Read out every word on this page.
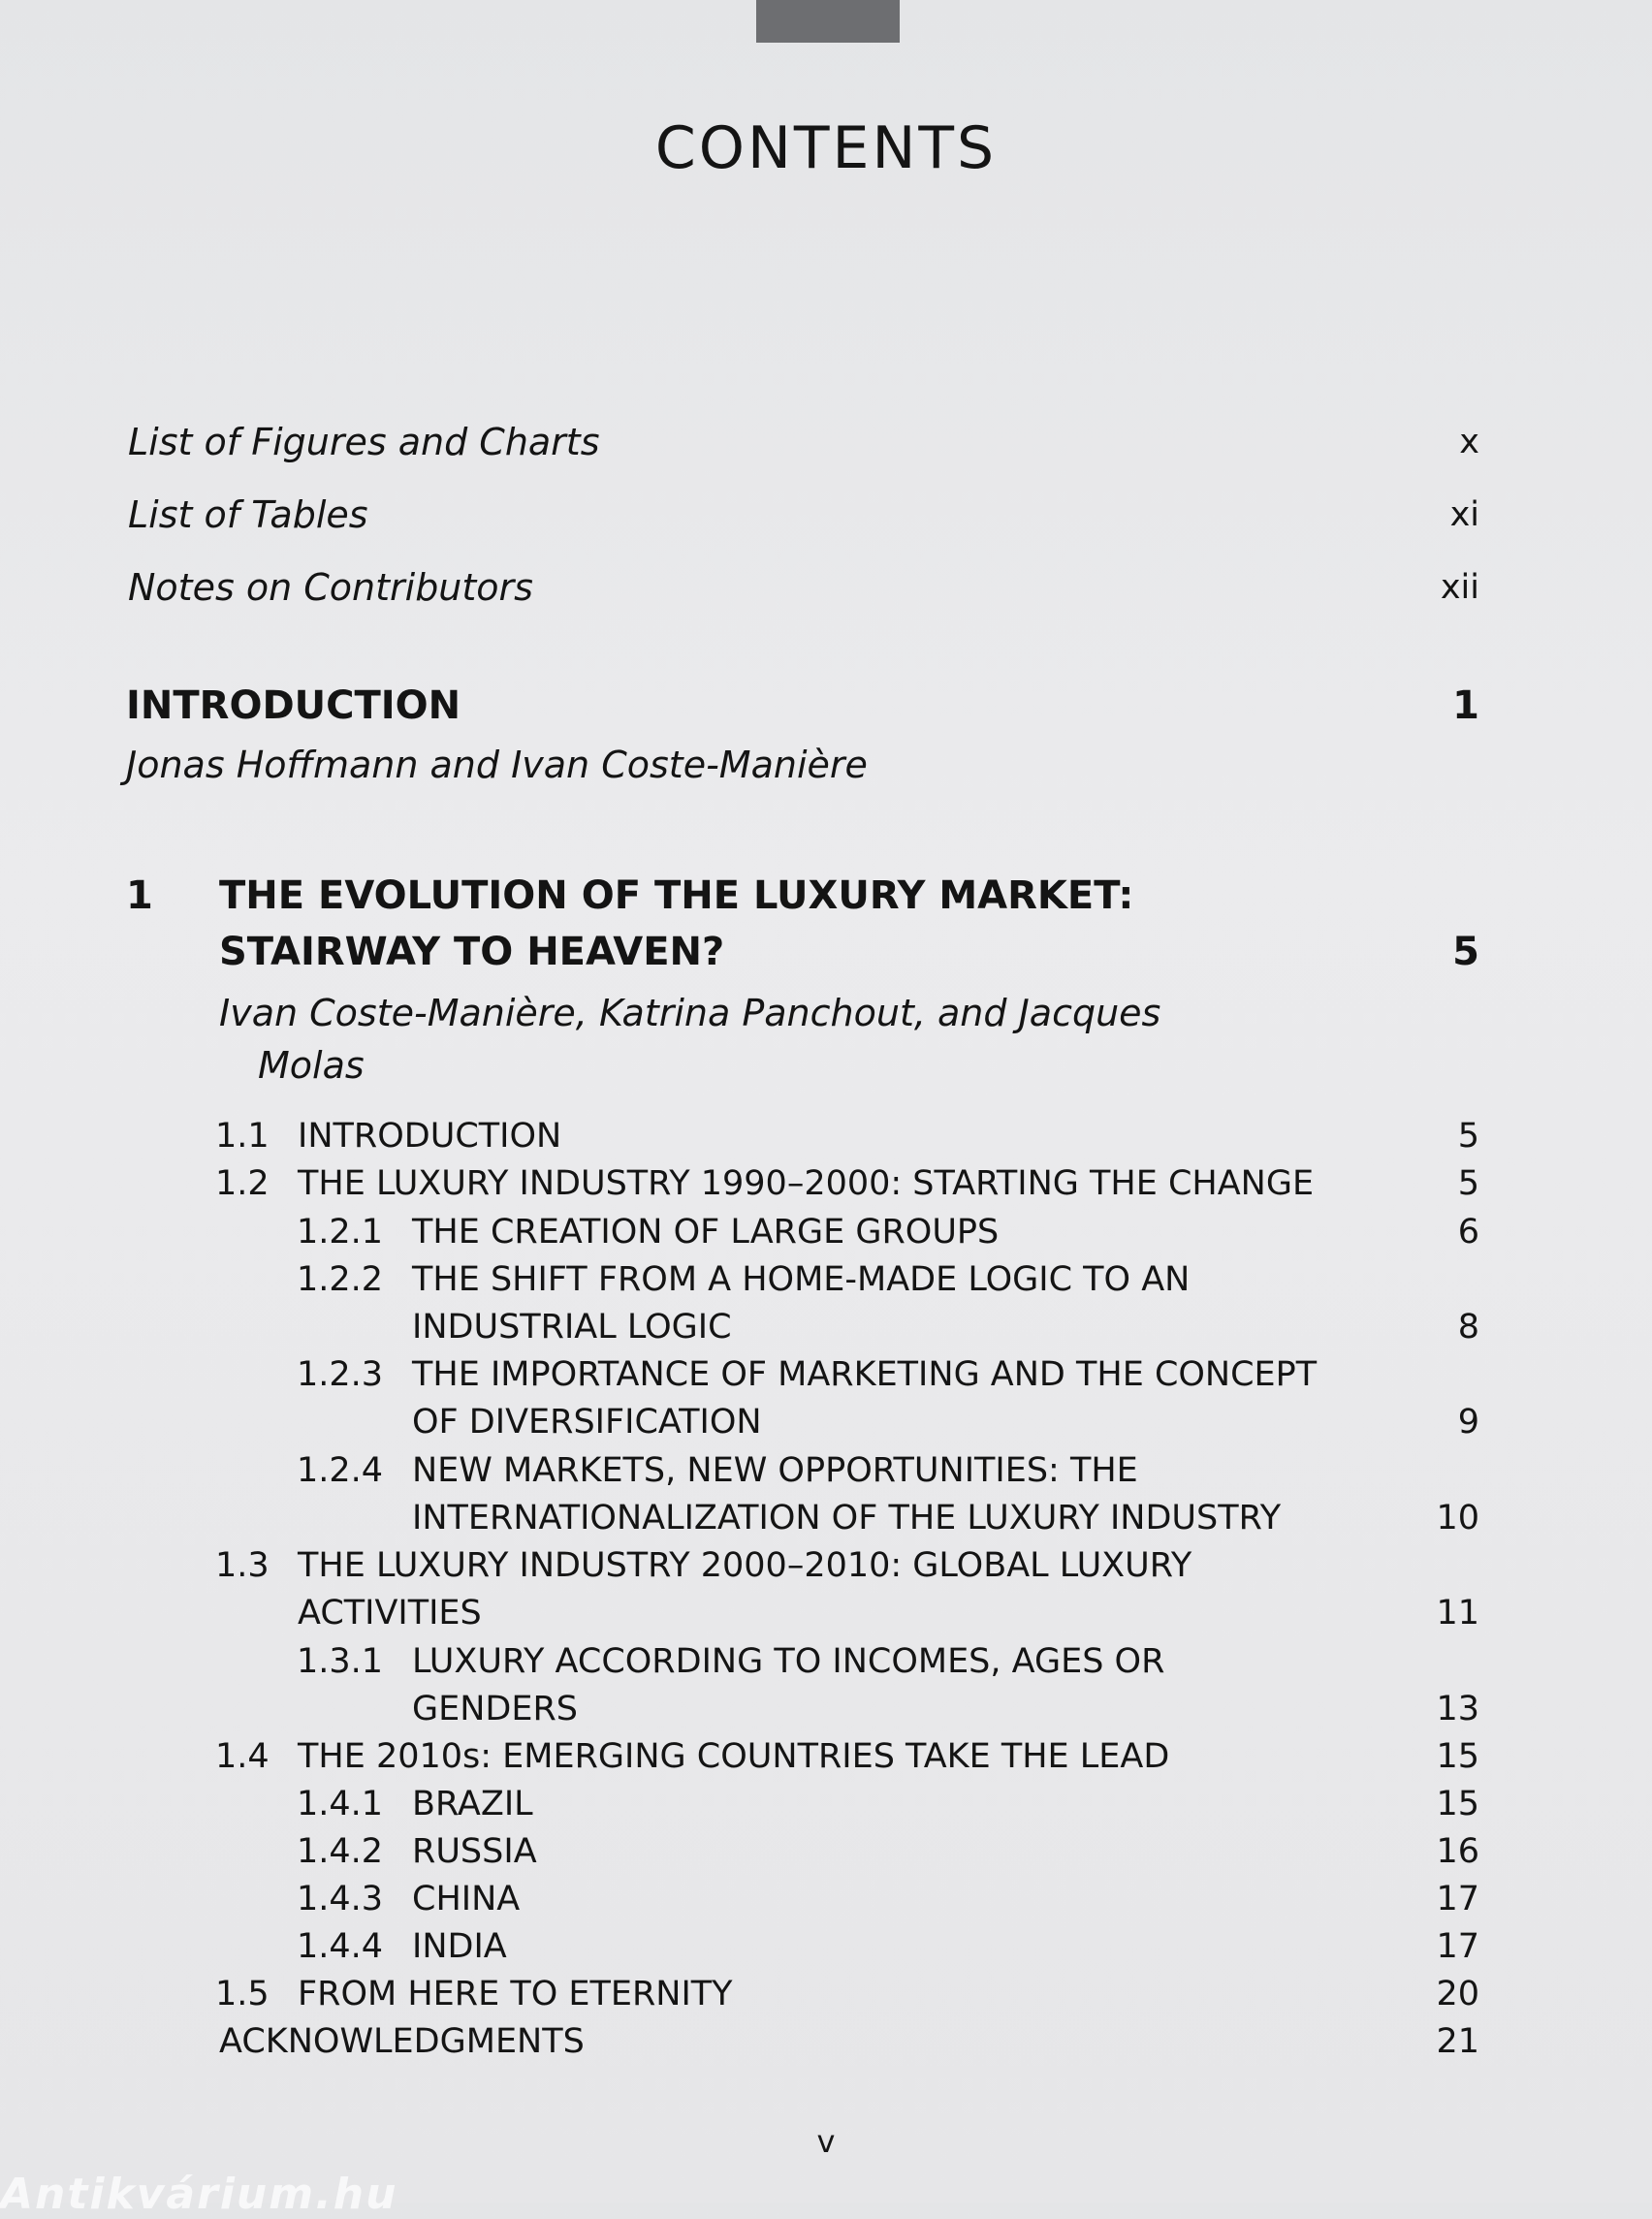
CONTENTS
List of Figures and Charts	x
List of Tables	xi
Notes on Contributors	xii
INTRODUCTION	1
Jonas Hoffmann and Ivan Coste-Manière
1 THE EVOLUTION OF THE LUXURY MARKET:
STAIRWAY TO HEAVEN?	5
Ivan Coste-Manière, Katrina Panchout, and Jacques
Molas
1.1 INTRODUCTION	5
1.2 THE LUXURY INDUSTRY 1990–2000: STARTING THE CHANGE	5
1.2.1 THE CREATION OF LARGE GROUPS	6
1.2.2 THE SHIFT FROM A HOME-MADE LOGIC TO AN
INDUSTRIAL LOGIC	8
1.2.3 THE IMPORTANCE OF MARKETING AND THE CONCEPT
OF DIVERSIFICATION	9
1.2.4 NEW MARKETS, NEW OPPORTUNITIES: THE
INTERNATIONALIZATION OF THE LUXURY INDUSTRY	10
1.3 THE LUXURY INDUSTRY 2000–2010: GLOBAL LUXURY
ACTIVITIES	11
1.3.1 LUXURY ACCORDING TO INCOMES, AGES OR
GENDERS	13
1.4 THE 2010s: EMERGING COUNTRIES TAKE THE LEAD	15
1.4.1 BRAZIL	15
1.4.2 RUSSIA	16
1.4.3 CHINA	17
1.4.4 INDIA	17
1.5 FROM HERE TO ETERNITY	20
ACKNOWLEDGMENTS	21
v
Antikvárium.hu
